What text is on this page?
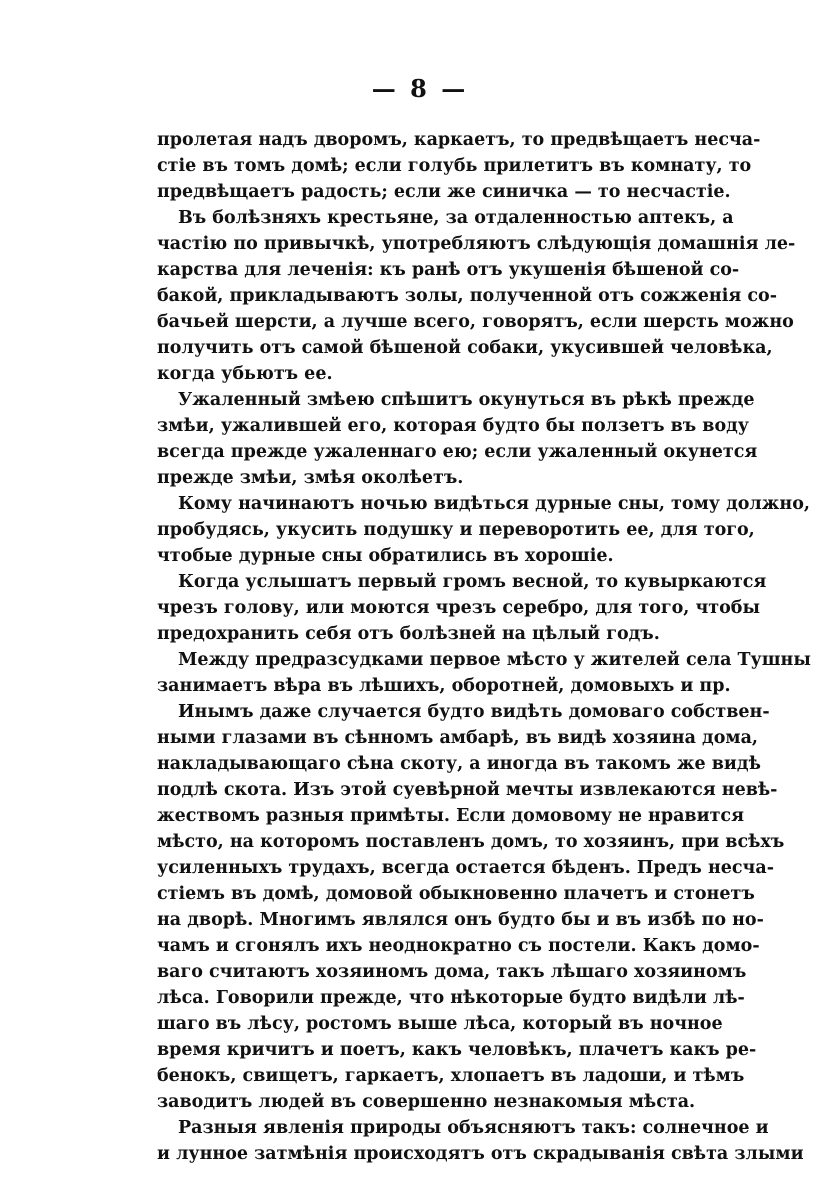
— 8 —
пролетая надъ дворомъ, каркаетъ, то предвѣщаетъ несча-
стіе въ томъ домѣ; если голубь прилетитъ въ комнату, то
предвѣщаетъ радость; если же синичка — то несчастіе.
Въ болѣзняхъ крестьяне, за отдаленностью аптекъ, а
частію по привычкѣ, употребляютъ слѣдующія домашнія ле-
карства для леченія: къ ранѣ отъ укушенія бѣшеной со-
бакой, прикладываютъ золы, полученной отъ сожженія со-
бачьей шерсти, а лучше всего, говорятъ, если шерсть можно
получить отъ самой бѣшеной собаки, укусившей человѣка,
когда убьютъ ее.
Ужаленный змѣею спѣшитъ окунуться въ рѣкѣ прежде
змѣи, ужалившей его, которая будто бы ползетъ въ воду
всегда прежде ужаленнаго ею; если ужаленный окунется
прежде змѣи, змѣя околѣетъ.
Кому начинаютъ ночью видѣться дурные сны, тому должно,
пробудясь, укусить подушку и переворотить ее, для того,
чтобые дурные сны обратились въ хорошіе.
Когда услышатъ первый громъ весной, то кувыркаются
чрезъ голову, или моются чрезъ серебро, для того, чтобы
предохранить себя отъ болѣзней на цѣлый годъ.
Между предразсудками первое мѣсто у жителей села Тушны
занимаетъ вѣра въ лѣшихъ, оборотней, домовыхъ и пр.
Инымъ даже случается будто видѣть домоваго собствен-
ными глазами въ сѣнномъ амбарѣ, въ видѣ хозяина дома,
накладывающаго сѣна скоту, а иногда въ такомъ же видѣ
подлѣ скота. Изъ этой суевѣрной мечты извлекаются невѣ-
жествомъ разныя примѣты. Если домовому не нравится
мѣсто, на которомъ поставленъ домъ, то хозяинъ, при всѣхъ
усиленныхъ трудахъ, всегда остается бѣденъ. Предъ несча-
стіемъ въ домѣ, домовой обыкновенно плачетъ и стонетъ
на дворѣ. Многимъ являлся онъ будто бы и въ избѣ по но-
чамъ и сгонялъ ихъ неоднократно съ постели. Какъ домо-
ваго считаютъ хозяиномъ дома, такъ лѣшаго хозяиномъ
лѣса. Говорили прежде, что нѣкоторые будто видѣли лѣ-
шаго въ лѣсу, ростомъ выше лѣса, который въ ночное
время кричитъ и поетъ, какъ человѣкъ, плачетъ какъ ре-
бенокъ, свищетъ, гаркаетъ, хлопаетъ въ ладоши, и тѣмъ
заводитъ людей въ совершенно незнакомыя мѣста.
Разныя явленія природы объясняютъ такъ: солнечное и
и лунное затмѣнія происходятъ отъ скрадыванія свѣта злыми
